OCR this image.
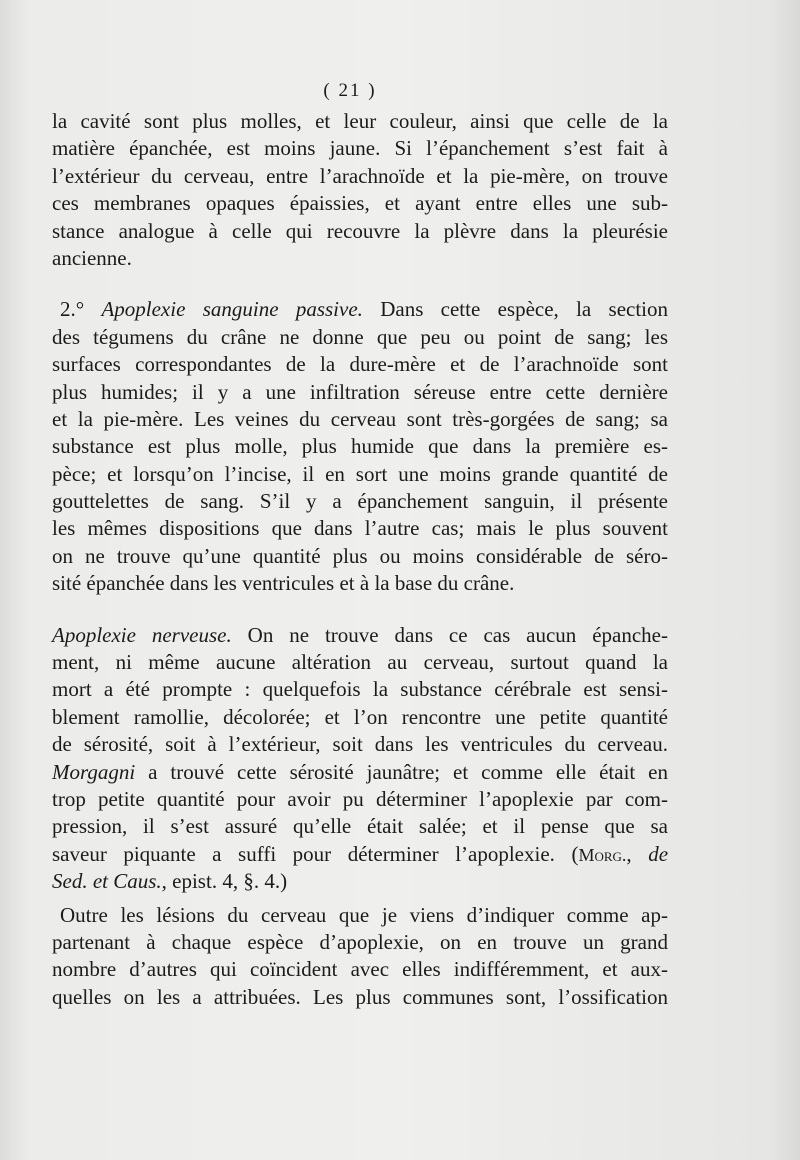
( 21 )
la cavité sont plus molles, et leur couleur, ainsi que celle de la
matière épanchée, est moins jaune. Si l’épanchement s’est fait à
l’extérieur du cerveau, entre l’arachnoïde et la pie-mère, on trouve
ces membranes opaques épaissies, et ayant entre elles une sub-
stance analogue à celle qui recouvre la plèvre dans la pleurésie
ancienne.
2.° Apoplexie sanguine passive. Dans cette espèce, la section
des tégumens du crâne ne donne que peu ou point de sang; les
surfaces correspondantes de la dure-mère et de l’arachnoïde sont
plus humides; il y a une infiltration séreuse entre cette dernière
et la pie-mère. Les veines du cerveau sont très-gorgées de sang; sa
substance est plus molle, plus humide que dans la première es-
pèce; et lorsqu’on l’incise, il en sort une moins grande quantité de
gouttelettes de sang. S’il y a épanchement sanguin, il présente
les mêmes dispositions que dans l’autre cas; mais le plus souvent
on ne trouve qu’une quantité plus ou moins considérable de séro-
sité épanchée dans les ventricules et à la base du crâne.
Apoplexie nerveuse. On ne trouve dans ce cas aucun épanche-
ment, ni même aucune altération au cerveau, surtout quand la
mort a été prompte : quelquefois la substance cérébrale est sensi-
blement ramollie, décolorée; et l’on rencontre une petite quantité
de sérosité, soit à l’extérieur, soit dans les ventricules du cerveau.
Morgagni a trouvé cette sérosité jaunâtre; et comme elle était en
trop petite quantité pour avoir pu déterminer l’apoplexie par com-
pression, il s’est assuré qu’elle était salée; et il pense que sa
saveur piquante a suffi pour déterminer l’apoplexie. (Morg., de
Sed. et Caus., epist. 4, §. 4.)
Outre les lésions du cerveau que je viens d’indiquer comme ap-
partenant à chaque espèce d’apoplexie, on en trouve un grand
nombre d’autres qui coïncident avec elles indifféremment, et aux-
quelles on les a attribuées. Les plus communes sont, l’ossification
